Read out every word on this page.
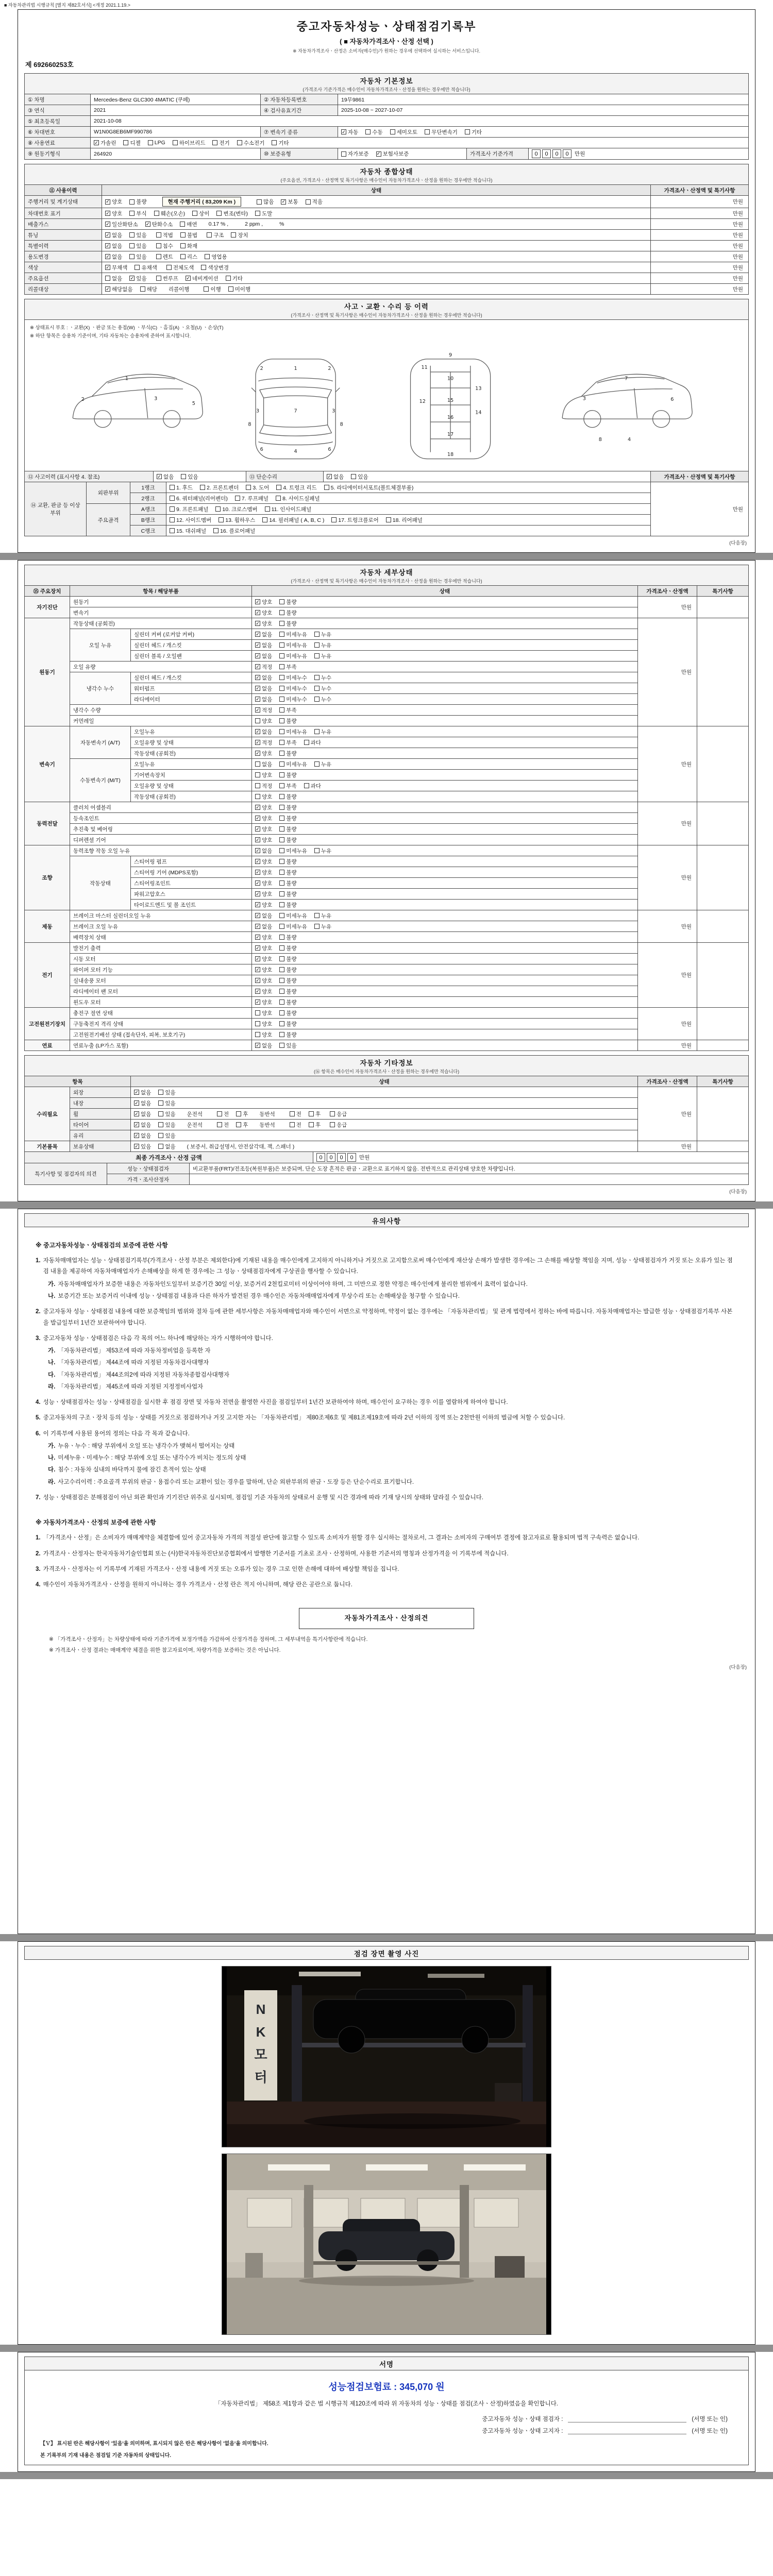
■ 자동차관리법 시행규칙 [별지 제82호서식] <개정 2021.1.19.>
중고자동차성능ㆍ상태점검기록부
( ■ 자동차가격조사ㆍ산정 선택 )
※ 자동차가격조사ㆍ산정은 소비자(매수인)가 원하는 경우에 선택하여 실시하는 서비스입니다.
제 692660253호
자동차 기본정보
(가격조사 기준가격은 매수인이 자동차가격조사ㆍ산정을 원하는 경우에만 적습니다)
① 차명	Mercedes-Benz GLC300 4MATIC (쿠페)	② 자동차등록번호	19무9861		
③ 연식	2021	④ 검사유효기간	2025-10-08 ~ 2027-10-07		
⑤ 최초등록일	2021-10-08				
⑥ 차대번호	W1N0G8EB6MF990786	⑦ 변속기 종류	✓ 자동	수동	세미오토	무단변속기	기타

⑧ 사용연료	✓ 가솔린	디젤	LPG	하이브리드	전기	수소전기	기타

⑨ 원동기형식	264920	⑩ 보증유형	자가보증 ✓ 보험사보증	가격조사 기준가격	0 0 0 0 만원
자동차 종합상태
(주요옵션, 가격조사ㆍ산정액 및 특기사항은 매수인이 자동차가격조사ㆍ산정을 원하는 경우에만 적습니다)
⑪ 사용이력	상태	가격조사ㆍ산정액 및 특기사항
주행거리 및 계기상태	✓ 양호	불량	현재 주행거리 ( 83,209 Km )	많음 ✓ 보통	적음	만원
차대번호 표기	✓ 양호	부식	훼손(오손)	상이	변조(변타)	도말	만원
배출가스	✓ 일산화탄소 ✓ 탄화수소	매연 0.17 % ,	2 ppm ,	%	만원
튜닝	✓ 없음	있음	적법	불법	구조	장치	만원
특별이력	✓ 없음 있음 침수 화재	만원
용도변경	✓ 없음	있음	렌트	리스	영업용	만원
색상	✓ 무채색 유채색 전체도색 색상변경	만원
주요옵션	없음 ✓ 있음	썬루프 ✓ 네비게이션	기타	만원
리콜대상	✓ 해당없음	해당 리콜이행	이행	미이행	만원
사고ㆍ교환ㆍ수리 등 이력
(가격조사ㆍ산정액 및 특기사항은 매수인이 자동차가격조사ㆍ산정을 원하는 경우에만 적습니다)
※ 상태표시 부호 : ㆍ교환(X) ㆍ판금 또는 용접(W) ㆍ부식(C) ㆍ흠집(A) ㆍ요철(U) ㆍ손상(T)
※ 하단 항목은 승용차 기준이며, 기타 자동차는 승용차에 준하여 표시합니다.
1
2	3
5
1
7
4
2	2
3	3
6	6
8	8
9
11
10
12
13
14
15
16
17
18
7
6
3
4
8
⑫ 사고이력 (표시사항 4. 참조)	✓ 없음	있음	⑬ 단순수리	✓ 없음	있음	가격조사ㆍ산정액 및 특기사항
⑭ 교환, 판금 등 이상 부위	외판부위	1랭크	1. 후드 2. 프론트펜더 3. 도어 4. 트렁크 리드 5. 라디에이터서포트(볼트체결부품)	만원
		2랭크	6. 쿼터패널(리어펜더) 7. 루프패널 8. 사이드실패널	

	주요골격	A랭크	9. 프론트패널 10. 크로스멤버 11. 인사이드패널	

		B랭크	12. 사이드멤버 13. 휠하우스 14. 필러패널 ( A, B, C ) 17. 트렁크플로어 18. 리어패널	

		C랭크	15. 대쉬패널 16. 플로어패널	
(다음장)
자동차 세부상태
(가격조사ㆍ산정액 및 특기사항은 매수인이 자동차가격조사ㆍ산정을 원하는 경우에만 적습니다)
⑮ 주요장치	항목 / 해당부품		상태	가격조사ㆍ산정액	특기사항
자기진단	원동기		✓ 양호 불량	만원	
	변속기		✓ 양호 불량		

원동기	작동상태 (공회전)		✓ 양호 불량	만원	
	오일 누유	실린더 커버 (로커암 커버)	✓ 없음 미세누유 누유		

		실린더 헤드 / 개스킷	✓ 없음 미세누유 누유		

		실린더 블록 / 오일팬	✓ 없음 미세누유 누유		

	오일 유량		✓ 적정 부족		

	냉각수 누수	실린더 헤드 / 개스킷	✓ 없음 미세누수 누수		

		워터펌프	✓ 없음 미세누수 누수		

		라디에이터	✓ 없음 미세누수 누수		

	냉각수 수량		✓ 적정 부족		

	커먼레일		양호 불량		

변속기	자동변속기 (A/T)	오일누유	✓ 없음 미세누유 누유	만원	
		오일유량 및 상태	✓ 적정 부족 과다		

		작동상태 (공회전)	✓ 양호 불량		

	수동변속기 (M/T)	오일누유	없음 미세누유 누유		

		기어변속장치	양호 불량		

		오일유량 및 상태	적정 부족 과다		

		작동상태 (공회전)	양호 불량		

동력전달	클러치 어셈블리		✓ 양호 불량	만원	
	등속조인트		✓ 양호 불량		

	추진축 및 베어링		✓ 양호 불량		

	디퍼렌셜 기어		✓ 양호 불량		

조향	동력조향 작동 오일 누유		✓ 없음 미세누유 누유	만원	
	작동상태	스티어링 펌프	✓ 양호 불량		

		스티어링 기어 (MDPS포함)	✓ 양호 불량		

		스티어링조인트	✓ 양호 불량		

		파워고압호스	✓ 양호 불량		

		타이로드엔드 및 볼 조인트	✓ 양호 불량		

제동	브레이크 마스터 실린더오일 누유		✓ 없음 미세누유 누유	만원	
	브레이크 오일 누유		✓ 없음 미세누유 누유		

	배력장치 상태		✓ 양호 불량		

전기	발전기 출력		✓ 양호 불량	만원	
	시동 모터		✓ 양호 불량		

	와이퍼 모터 기능		✓ 양호 불량		

	실내송풍 모터		✓ 양호 불량		

	라디에이터 팬 모터		✓ 양호 불량		

	윈도우 모터		✓ 양호 불량		

고전원전기장치	충전구 절연 상태		양호 불량	만원	
	구동축전지 격리 상태		양호 불량		

	고전원전기배선 상태 (접속단자, 피복, 보호기구)		양호 불량		

연료	연료누출 (LP가스 포함)		✓ 없음 있음	만원	
자동차 기타정보
(⑯ 항목은 매수인이 자동차가격조사ㆍ산정을 원하는 경우에만 적습니다)
항목		상태	가격조사ㆍ산정액	특기사항
수리필요	외장	✓ 없음 있음	만원	
	내장	✓ 없음 있음		

휠	✓ 없음	있음 운전석	전	후 동반석	전	후	응급

타이어	✓ 없음	있음 운전석	전	후 동반석	전	후	응급

	유리	✓ 없음 있음		

기본품목	보유상태	✓ 있음 없음 ( 보증서, 취급설명서, 안전삼각대, 잭, 스패너 )	만원	
최종 가격조사ㆍ산정 금액	0 0 0 0 만원
특기사항 및 점검자의 의견	성능ㆍ상태점검자	비교환부품(FRT)/전조등(복원부품)은 보증되며, 단순 도장 흔적은 판금ㆍ교환으로 표기하지 않음. 전반적으로 관리상태 양호한 차량입니다.
	가격ㆍ조사산정자	
(다음장)
유의사항
※ 중고자동차성능ㆍ상태점검의 보증에 관한 사항
1. 자동차매매업자는 성능ㆍ상태점검기록부(가격조사ㆍ산정 부분은 제외한다)에 기재된 내용을 매수인에게 고지하지 아니하거나 거짓으로 고지함으로써 매수인에게 재산상 손해가 발생한 경우에는 그 손해를 배상할 책임을 지며, 성능ㆍ상태점검자가 거짓 또는 오류가 있는 점검 내용을 제공하여 자동차매매업자가 손해배상을 하게 한 경우에는 그 성능ㆍ상태점검자에게 구상권을 행사할 수 있습니다.
가. 자동차매매업자가 보증한 내용은 자동차인도일부터 보증기간 30일 이상, 보증거리 2천킬로미터 이상이어야 하며, 그 미만으로 정한 약정은 매수인에게 불리한 범위에서 효력이 없습니다.
나. 보증기간 또는 보증거리 이내에 성능ㆍ상태점검 내용과 다른 하자가 발견된 경우 매수인은 자동차매매업자에게 무상수리 또는 손해배상을 청구할 수 있습니다.
2. 중고자동차 성능ㆍ상태점검 내용에 대한 보증책임의 범위와 절차 등에 관한 세부사항은 자동차매매업자와 매수인이 서면으로 약정하며, 약정이 없는 경우에는 「자동차관리법」 및 관계 법령에서 정하는 바에 따릅니다. 자동차매매업자는 발급한 성능ㆍ상태점검기록부 사본을 발급일부터 1년간 보관하여야 합니다.
3. 중고자동차 성능ㆍ상태점검은 다음 각 목의 어느 하나에 해당하는 자가 시행하여야 합니다.
가. 「자동차관리법」 제53조에 따라 자동차정비업을 등록한 자
나. 「자동차관리법」 제44조에 따라 지정된 자동차검사대행자
다. 「자동차관리법」 제44조의2에 따라 지정된 자동차종합검사대행자
라. 「자동차관리법」 제45조에 따라 지정된 지정정비사업자
4. 성능ㆍ상태점검자는 성능ㆍ상태점검을 실시한 후 점검 장면 및 자동차 전면을 촬영한 사진을 점검일부터 1년간 보관하여야 하며, 매수인이 요구하는 경우 이를 열람하게 하여야 합니다.
5. 중고자동차의 구조ㆍ장치 등의 성능ㆍ상태를 거짓으로 점검하거나 거짓 고지한 자는 「자동차관리법」 제80조제6호 및 제81조제19호에 따라 2년 이하의 징역 또는 2천만원 이하의 벌금에 처할 수 있습니다.
6. 이 기록부에 사용된 용어의 정의는 다음 각 목과 같습니다.
가. 누유ㆍ누수 : 해당 부위에서 오일 또는 냉각수가 맺혀서 떨어지는 상태
나. 미세누유ㆍ미세누수 : 해당 부위에 오일 또는 냉각수가 비치는 정도의 상태
다. 침수 : 자동차 실내의 바닥까지 물에 잠긴 흔적이 있는 상태
라. 사고수리이력 : 주요골격 부위의 판금ㆍ용접수리 또는 교환이 있는 경우를 말하며, 단순 외판부위의 판금ㆍ도장 등은 단순수리로 표기합니다.
7. 성능ㆍ상태점검은 분해점검이 아닌 외관 확인과 기기진단 위주로 실시되며, 점검일 기준 자동차의 상태로서 운행 및 시간 경과에 따라 기재 당시의 상태와 달라질 수 있습니다.
※ 자동차가격조사ㆍ산정의 보증에 관한 사항
1. 「가격조사ㆍ산정」은 소비자가 매매계약을 체결함에 있어 중고자동차 가격의 적절성 판단에 참고할 수 있도록 소비자가 원할 경우 실시하는 절차로서, 그 결과는 소비자의 구매여부 결정에 참고자료로 활용되며 법적 구속력은 없습니다.
2. 가격조사ㆍ산정자는 한국자동차기술인협회 또는 (사)한국자동차진단보증협회에서 발행한 기준서를 기초로 조사ㆍ산정하며, 사용한 기준서의 명칭과 산정가격을 이 기록부에 적습니다.
3. 가격조사ㆍ산정자는 이 기록부에 기재된 가격조사ㆍ산정 내용에 거짓 또는 오류가 있는 경우 그로 인한 손해에 대하여 배상할 책임을 집니다.
4. 매수인이 자동차가격조사ㆍ산정을 원하지 아니하는 경우 가격조사ㆍ산정 란은 적지 아니하며, 해당 란은 공란으로 둡니다.
자동차가격조사ㆍ산정의견
※ 「가격조사ㆍ산정자」는 차량상태에 따라 기준가격에 보정가액을 가감하여 산정가격을 정하며, 그 세부내역을 특기사항란에 적습니다.
※ 가격조사ㆍ산정 결과는 매매계약 체결을 위한 참고자료이며, 차량가격을 보증하는 것은 아닙니다.
(다음장)
점검 장면 촬영 사진
N K 모 터
서명
성능점검보험료 : 345,070 원
「자동차관리법」 제58조 제1항과 같은 법 시행규칙 제120조에 따라 위 자동차의 성능ㆍ상태를 점검(조사ㆍ산정)하였음을 확인합니다.
중고자동차 성능ㆍ상태 점검자 :	(서명 또는 인)
중고자동차 성능ㆍ상태 고지자 :	(서명 또는 인)
【Ｖ】 표시된 란은 해당사항이 '있음'을 의미하며, 표시되지 않은 란은 해당사항이 '없음'을 의미합니다.
본 기록부의 기재 내용은 점검일 기준 자동차의 상태입니다.
